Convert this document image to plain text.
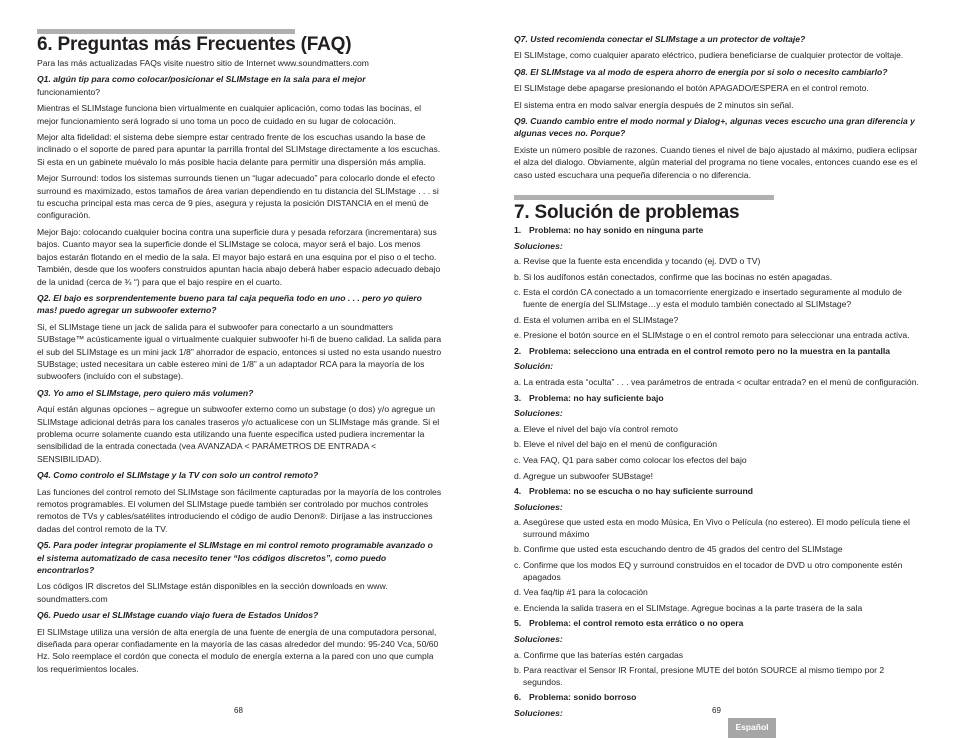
6. Preguntas más Frecuentes (FAQ)

Para las más actualizadas FAQs visite nuestro sitio de Internet www.soundmatters.com

Q1. algún tip para como colocar/posicionar el SLIMstage en la sala para el mejor
funcionamiento?

Mientras el SLIMstage funciona bien virtualmente en cualquier aplicación, como todas las bocinas, el mejor funcionamiento será logrado si uno toma un poco de cuidado en su lugar de colocación.

Mejor alta fidelidad: el sistema debe siempre estar centrado frente de los escuchas usando la base de inclinado o el soporte de pared para apuntar la parrilla frontal del SLIMstage directamente a los escuchas. Si esta en un gabinete muévalo lo más posible hacia delante para permitir una dispersión más amplia.

Mejor Surround: todos los sistemas surrounds tienen un “lugar adecuado” para colocarlo donde el efecto surround es maximizado, estos tamaños de área varian dependiendo en tu distancia del SLIMstage . . . si tu escucha principal esta mas cerca de 9 pies, asegura y rejusta la posición DISTANCIA en el menú de configuración.

Mejor Bajo: colocando cualquier bocina contra una superficie dura y pesada reforzara (incrementara) sus bajos. Cuanto mayor sea la superficie donde el SLIMstage se coloca, mayor será el bajo. Los menos bajos estarán flotando en el medio de la sala. El mayor bajo estará en una esquina por el piso o el techo. También, desde que los woofers construidos apuntan hacia abajo deberá haber espacio adecuado debajo de la unidad (cerca de ¾ “) para que el bajo respire en el cuarto.

Q2. El bajo es sorprendentemente bueno para tal caja pequeña todo en uno . . . pero yo quiero mas! puedo agregar un subwoofer externo?

Si, el SLIMstage tiene un jack de salida para el subwoofer para conectarlo a un soundmatters SUBstage™ acústicamente igual o virtualmente cualquier subwoofer hi-fi de bueno calidad. La salida para el sub del SLIMstage es un mini jack 1/8” ahorrador de espacio, entonces si usted no esta usando nuestro SUBstage; usted necesitara un cable estereo mini de 1/8” a un adaptador RCA para la mayoría de los subwoofers (incluido con el substage).

Q3. Yo amo el SLIMstage, pero quiero más volumen?

Aquí están algunas opciones – agregue un subwoofer externo como un substage (o dos) y/o agregue un SLIMstage adicional detrás para los canales traseros y/o actualicese con un SLIMstage más grande. Si el problema ocurre solamente cuando esta utilizando una fuente especifica usted pudiera incrementar la sensibilidad de la entrada conectada (vea AVANZADA < PARÁMETROS DE ENTRADA < SENSIBILIDAD).

Q4. Como controlo el SLIMstage y la TV con solo un control remoto?

Las funciones del control remoto del SLIMstage son fácilmente capturadas por la mayoría de los controles remotos programables. El volumen del SLIMstage puede también ser controlado por muchos controles remotos de TVs y cables/satélites introduciendo el código de audio Denon®. Diríjase a las instrucciones dadas del control remoto de la TV.

Q5. Para poder integrar propiamente el SLIMstage en mi control remoto programable avanzado o el sistema automatizado de casa necesito tener “los códigos discretos”, como puedo encontrarlos?

Los códigos IR discretos del SLIMstage están disponibles en la sección downloads en www. soundmatters.com

Q6. Puedo usar el SLIMstage cuando viajo fuera de Estados Unidos?

El SLIMstage utiliza una versión de alta energía de una fuente de energía de una computadora personal, diseñada para operar confiadamente en la mayoría de las casas alrededor del mundo: 95-240 Vca, 50/60 Hz. Solo reemplace el cordón que conecta el modulo de energía externa a la pared con uno que cumpla los requerimientos locales.

68

Q7. Usted recomienda conectar el SLIMstage a un protector de voltaje?

El SLIMstage, como cualquier aparato eléctrico, pudiera beneficiarse de cualquier protector de voltaje.

Q8. El SLIMstage va al modo de espera ahorro de energía por si solo o necesito cambiarlo?

El SLIMstage debe apagarse presionando el botón APAGADO/ESPERA en el control remoto.

El sistema entra en modo salvar energía después de 2 minutos sin señal.

Q9. Cuando cambio entre el modo normal y Dialog+, algunas veces escucho una gran diferencia y algunas veces no. Porque?

Existe un número posible de razones. Cuando tienes el nivel de bajo ajustado al máximo, pudiera eclipsar el alza del dialogo. Obviamente, algún material del programa no tiene vocales, entonces cuando ese es el caso usted escuchara una pequeña diferencia o no diferencia.

7. Solución de problemas

1. Problema: no hay sonido en ninguna parte

Soluciones:

a. Revise que la fuente esta encendida y tocando (ej. DVD o TV)

b. Si los audífonos están conectados, confirme que las bocinas no estén apagadas.

c. Esta el cordón CA conectado a un tomacorriente energizado e insertado seguramente al modulo de fuente de energía del SLIMstage…y esta el modulo también conectado al SLIMstage?

d. Esta el volumen arriba en el SLIMstage?

e. Presione el botón source en el SLIMstage o en el control remoto para seleccionar una entrada activa.

2. Problema: selecciono una entrada en el control remoto pero no la muestra en la pantalla

Solución:

a. La entrada esta “oculta” . . . vea parámetros de entrada < ocultar entrada? en el menú de configuración.

3. Problema: no hay suficiente bajo

Soluciones:

a. Eleve el nivel del bajo vía control remoto

b. Eleve el nivel del bajo en el menú de configuración

c. Vea FAQ, Q1 para saber como colocar los efectos del bajo

d. Agregue un subwoofer SUBstage!

4. Problema: no se escucha o no hay suficiente surround

Soluciones:

a. Asegúrese que usted esta en modo Música, En Vivo o Película (no estereo). El modo película tiene el surround máximo

b. Confirme que usted esta escuchando dentro de 45 grados del centro del SLIMstage

c. Confirme que los modos EQ y surround construidos en el tocador de DVD u otro componente estén apagados

d. Vea faq/tip #1 para la colocación

e. Encienda la salida trasera en el SLIMstage. Agregue bocinas a la parte trasera de la sala

5. Problema: el control remoto esta errático o no opera

Soluciones:

a. Confirme que las baterías estén cargadas

b. Para reactivar el Sensor IR Frontal, presione MUTE del botón SOURCE al mismo tiempo por 2 segundos.

6. Problema: sonido borroso

Soluciones:	69
Español
